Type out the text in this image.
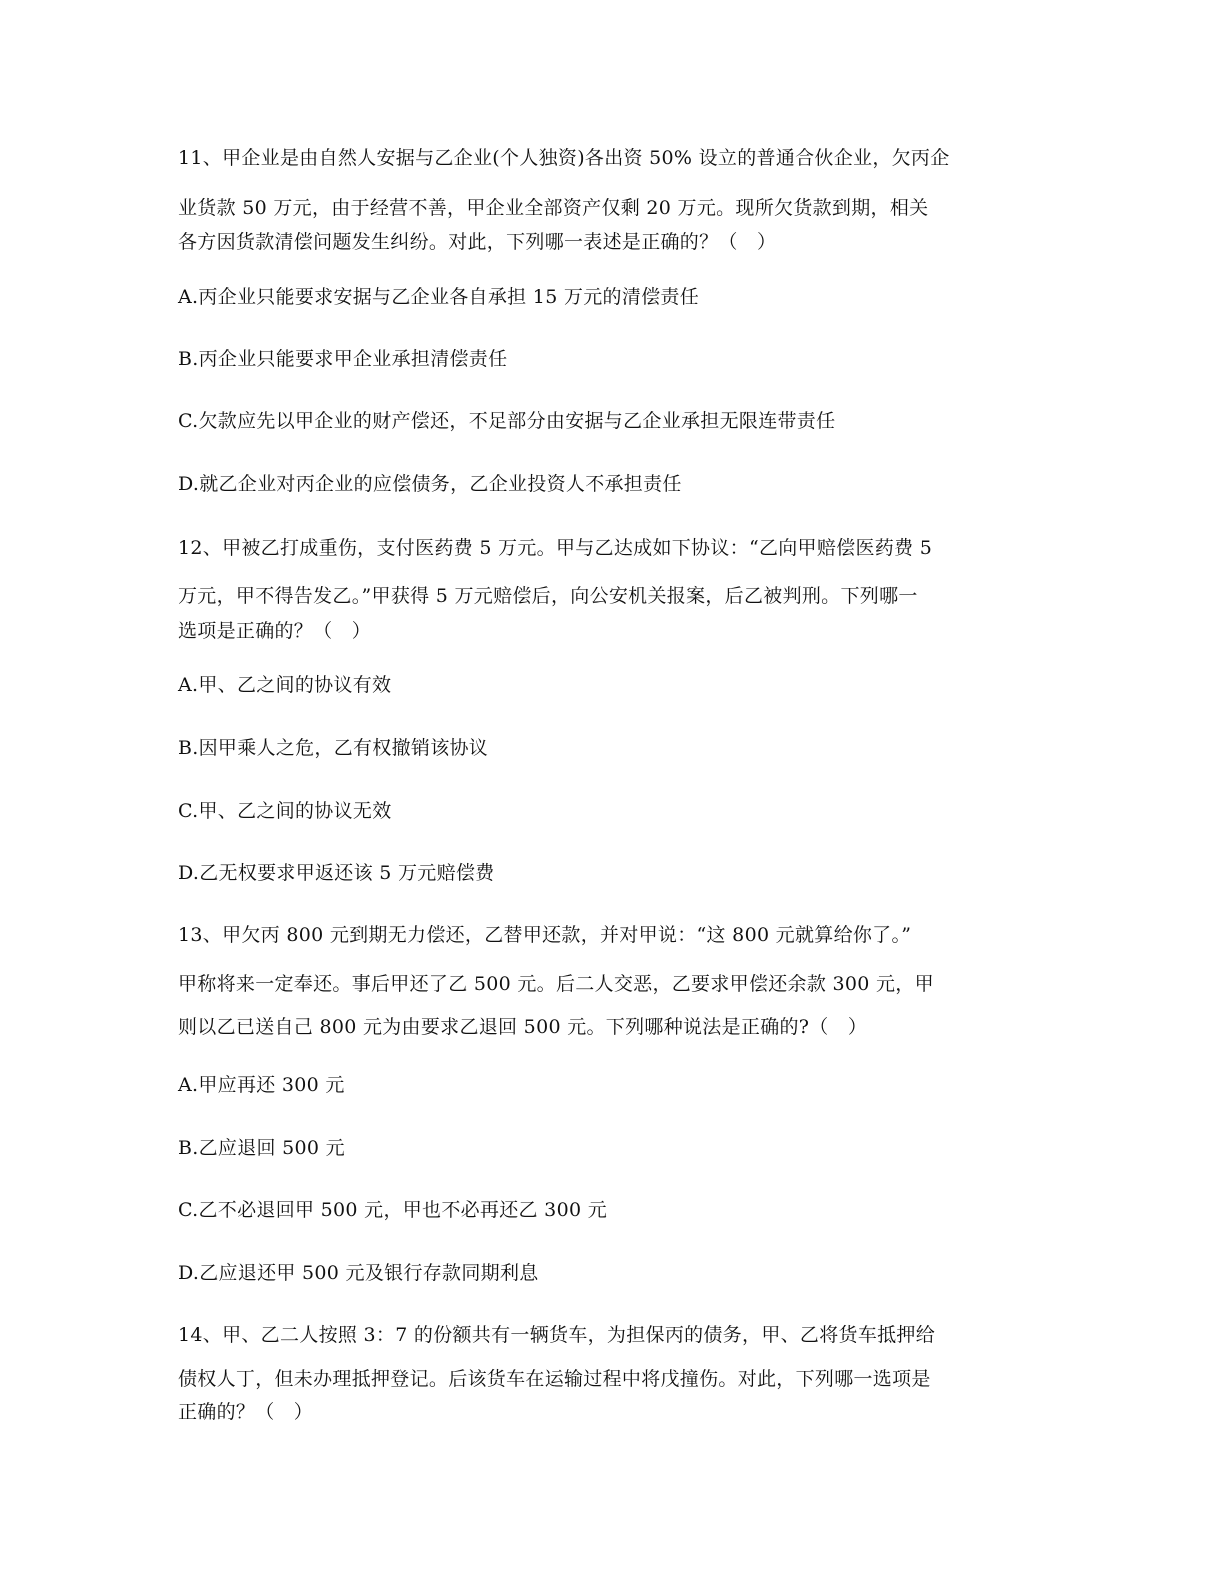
11、甲企业是由自然人安据与乙企业(个人独资)各出资 50% 设立的普通合伙企业，欠丙企
业货款 50 万元，由于经营不善，甲企业全部资产仅剩 20 万元。现所欠货款到期，相关
各方因货款清偿问题发生纠纷。对此，下列哪一表述是正确的？（　）
A.丙企业只能要求安据与乙企业各自承担 15 万元的清偿责任
B.丙企业只能要求甲企业承担清偿责任
C.欠款应先以甲企业的财产偿还，不足部分由安据与乙企业承担无限连带责任
D.就乙企业对丙企业的应偿债务，乙企业投资人不承担责任
12、甲被乙打成重伤，支付医药费 5 万元。甲与乙达成如下协议：“乙向甲赔偿医药费 5
万元，甲不得告发乙。”甲获得 5 万元赔偿后，向公安机关报案，后乙被判刑。下列哪一
选项是正确的？（　）
A.甲、乙之间的协议有效
B.因甲乘人之危，乙有权撤销该协议
C.甲、乙之间的协议无效
D.乙无权要求甲返还该 5 万元赔偿费
13、甲欠丙 800 元到期无力偿还，乙替甲还款，并对甲说：“这 800 元就算给你了。”
甲称将来一定奉还。事后甲还了乙 500 元。后二人交恶，乙要求甲偿还余款 300 元，甲
则以乙已送自己 800 元为由要求乙退回 500 元。下列哪种说法是正确的?（　）
A.甲应再还 300 元
B.乙应退回 500 元
C.乙不必退回甲 500 元，甲也不必再还乙 300 元
D.乙应退还甲 500 元及银行存款同期利息
14、甲、乙二人按照 3：7 的份额共有一辆货车，为担保丙的债务，甲、乙将货车抵押给
债权人丁，但未办理抵押登记。后该货车在运输过程中将戊撞伤。对此，下列哪一选项是
正确的？（　）
